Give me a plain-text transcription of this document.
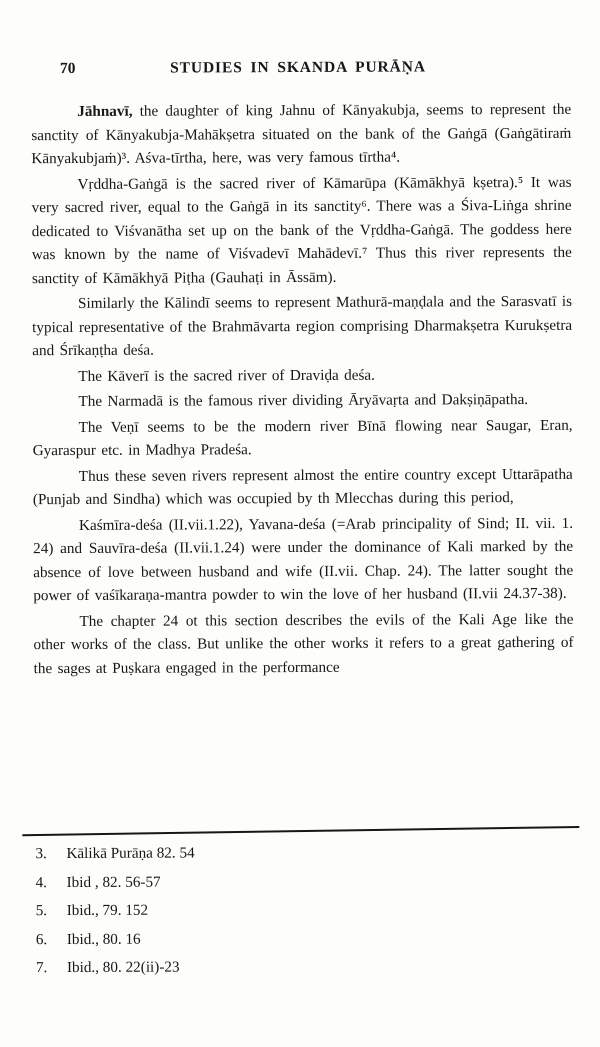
70	STUDIES IN SKANDA PURĀṆA

Jāhnavī, the daughter of king Jahnu of Kānyakubja, seems to represent the sanctity of Kānyakubja-Mahākṣetra situated on the bank of the Gaṅgā (Gaṅgātiraṁ Kānyakubjaṁ)³. Aśva-tīrtha, here, was very famous tīrtha⁴.

Vṛddha-Gaṅgā is the sacred river of Kāmarūpa (Kāmākhyā kṣetra).⁵ It was very sacred river, equal to the Gaṅgā in its sanctity⁶. There was a Śiva-Liṅga shrine dedicated to Viśvanātha set up on the bank of the Vṛddha-Gaṅgā. The goddess here was known by the name of Viśvadevī Mahādevī.⁷ Thus this river represents the sanctity of Kāmākhyā Piṭha (Gauhaṭi in Āssām).

Similarly the Kālindī seems to represent Mathurā-maṇḍala and the Sarasvatī is typical representative of the Brahmāvarta region comprising Dharmakṣetra Kurukṣetra and Śrīkaṇṭha deśa.

The Kāverī is the sacred river of Draviḍa deśa.

The Narmadā is the famous river dividing Āryāvaṛta and Dakṣiṇāpatha.

The Veṇī seems to be the modern river Bīnā flowing near Saugar, Eran, Gyaraspur etc. in Madhya Pradeśa.

Thus these seven rivers represent almost the entire country except Uttarāpatha (Punjab and Sindha) which was occupied by th Mlecchas during this period,

Kaśmīra-deśa (II.vii.1.22), Yavana-deśa (=Arab principality of Sind; II. vii. 1. 24) and Sauvīra-deśa (II.vii.1.24) were under the dominance of Kali marked by the absence of love between husband and wife (II.vii. Chap. 24). The latter sought the power of vaśīkaraṇa-mantra powder to win the love of her husband (II.vii 24.37-38).

The chapter 24 ot this section describes the evils of the Kali Age like the other works of the class. But unlike the other works it refers to a great gathering of the sages at Puṣkara engaged in the performance

3.	Kālikā Purāṇa 82. 54
4.	Ibid , 82. 56-57
5.	Ibid., 79. 152
6.	Ibid., 80. 16
7.	Ibid., 80. 22(ii)-23
